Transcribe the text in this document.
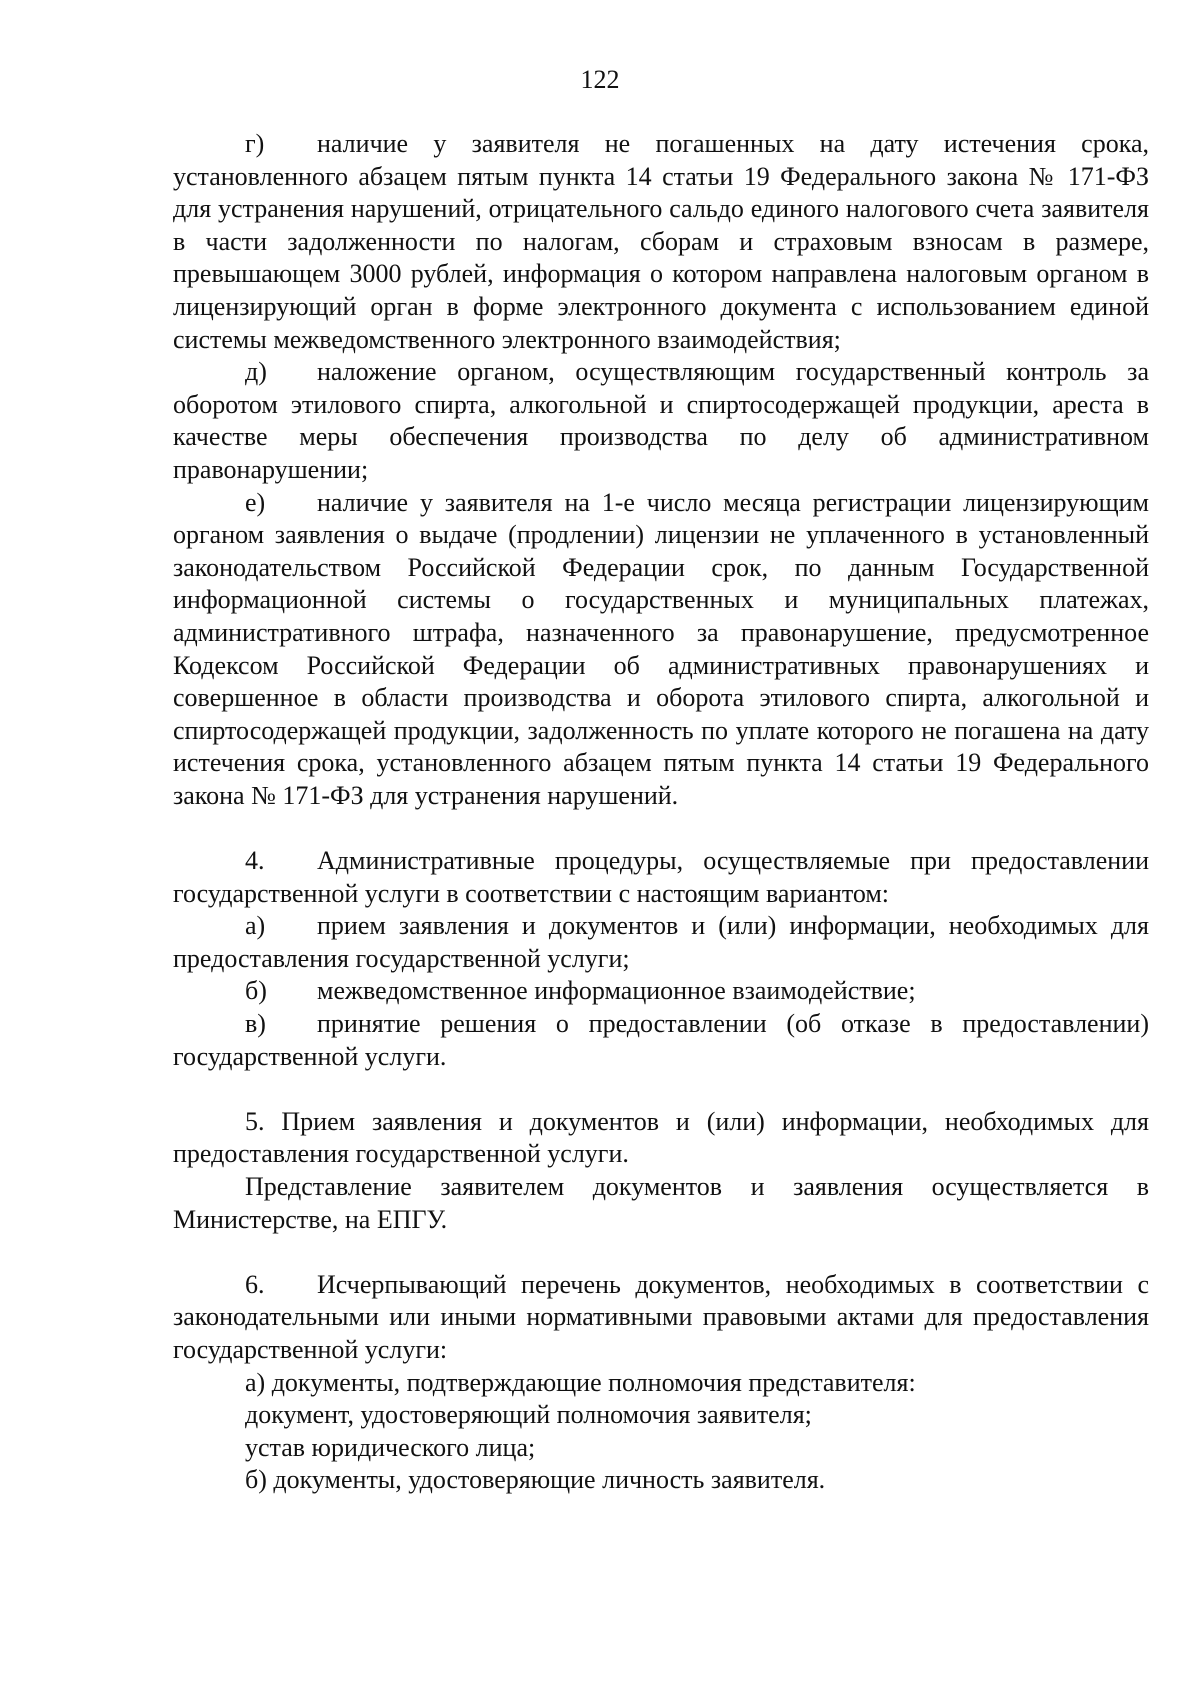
122

г) наличие у заявителя не погашенных на дату истечения срока, установленного абзацем пятым пункта 14 статьи 19 Федерального закона № 171-ФЗ для устранения нарушений, отрицательного сальдо единого налогового счета заявителя в части задолженности по налогам, сборам и страховым взносам в размере, превышающем 3000 рублей, информация о котором направлена налоговым органом в лицензирующий орган в форме электронного документа с использованием единой системы межведомственного электронного взаимодействия;

д) наложение органом, осуществляющим государственный контроль за оборотом этилового спирта, алкогольной и спиртосодержащей продукции, ареста в качестве меры обеспечения производства по делу об административном правонарушении;

е) наличие у заявителя на 1-е число месяца регистрации лицензирующим органом заявления о выдаче (продлении) лицензии не уплаченного в установленный законодательством Российской Федерации срок, по данным Государственной информационной системы о государственных и муниципальных платежах, административного штрафа, назначенного за правонарушение, предусмотренное Кодексом Российской Федерации об административных правонарушениях и совершенное в области производства и оборота этилового спирта, алкогольной и спиртосодержащей продукции, задолженность по уплате которого не погашена на дату истечения срока, установленного абзацем пятым пункта 14 статьи 19 Федерального закона № 171-ФЗ для устранения нарушений.

4. Административные процедуры, осуществляемые при предоставлении государственной услуги в соответствии с настоящим вариантом:

а) прием заявления и документов и (или) информации, необходимых для предоставления государственной услуги;

б) межведомственное информационное взаимодействие;

в) принятие решения о предоставлении (об отказе в предоставлении) государственной услуги.

5. Прием заявления и документов и (или) информации, необходимых для предоставления государственной услуги.

Представление заявителем документов и заявления осуществляется в Министерстве, на ЕПГУ.

6. Исчерпывающий перечень документов, необходимых в соответствии с законодательными или иными нормативными правовыми актами для предоставления государственной услуги:

а) документы, подтверждающие полномочия представителя:

документ, удостоверяющий полномочия заявителя;

устав юридического лица;

б) документы, удостоверяющие личность заявителя.
